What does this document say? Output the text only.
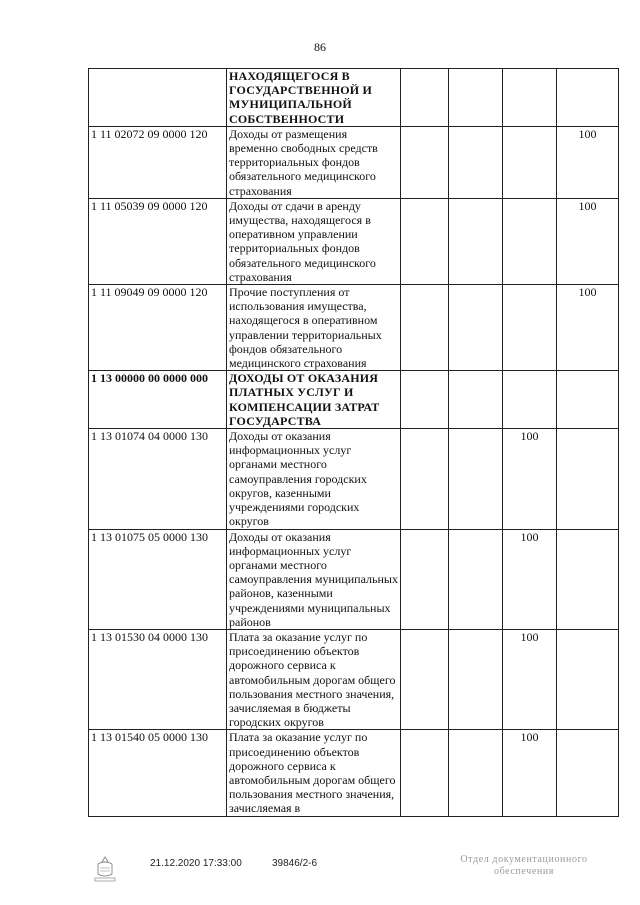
86
	НАХОДЯЩЕГОСЯ В ГОСУДАРСТВЕННОЙ И МУНИЦИПАЛЬНОЙ СОБСТВЕННОСТИ				
1 11 02072 09 0000 120	Доходы от размещения временно свободных средств территориальных фондов обязательного медицинского страхования				100
1 11 05039 09 0000 120	Доходы от сдачи в аренду имущества, находящегося в оперативном управлении территориальных фондов обязательного медицинского страхования				100
1 11 09049 09 0000 120	Прочие поступления от использования имущества, находящегося в оперативном управлении территориальных фондов обязательного медицинского страхования				100
1 13 00000 00 0000 000	ДОХОДЫ ОТ ОКАЗАНИЯ ПЛАТНЫХ УСЛУГ И КОМПЕНСАЦИИ ЗАТРАТ ГОСУДАРСТВА				
1 13 01074 04 0000 130	Доходы от оказания информационных услуг органами местного самоуправления городских округов, казенными учреждениями городских округов			100	
1 13 01075 05 0000 130	Доходы от оказания информационных услуг органами местного самоуправления муниципальных районов, казенными учреждениями муниципальных районов			100	
1 13 01530 04 0000 130	Плата за оказание услуг по присоединению объектов дорожного сервиса к автомобильным дорогам общего пользования местного значения, зачисляемая в бюджеты городских округов			100	
1 13 01540 05 0000 130	Плата за оказание услуг по присоединению объектов дорожного сервиса к автомобильным дорогам общего пользования местного значения, зачисляемая в			100	
21.12.2020 17:33:00	39846/2-6	Отдел документационного
обеспечения
